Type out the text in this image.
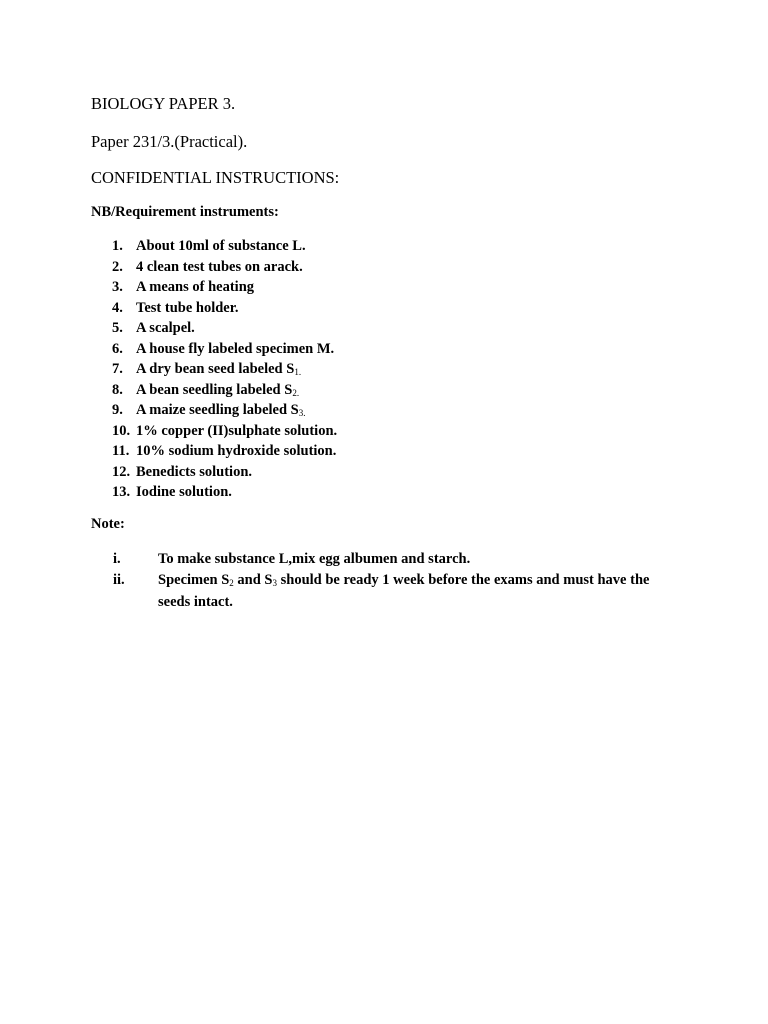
BIOLOGY PAPER 3.

Paper 231/3.(Practical).

CONFIDENTIAL INSTRUCTIONS:

NB/Requirement instruments:

1. About 10ml of substance L.
2. 4 clean test tubes on arack.
3. A means of heating
4. Test tube holder.
5. A scalpel.
6. A house fly labeled specimen M.
7. A dry bean seed labeled $S_{1.}$
8. A bean seedling labeled $S_{2.}$
9. A maize seedling labeled $S_{3.}$
10. 1% copper (II)sulphate solution.
11. 10% sodium hydroxide solution.
12. Benedicts solution.
13. Iodine solution.

Note:

i.	To make substance L,mix egg albumen and starch.
ii. Specimen $S_2$ and $S_3$ should be ready 1 week before the exams and must have the seeds intact.
